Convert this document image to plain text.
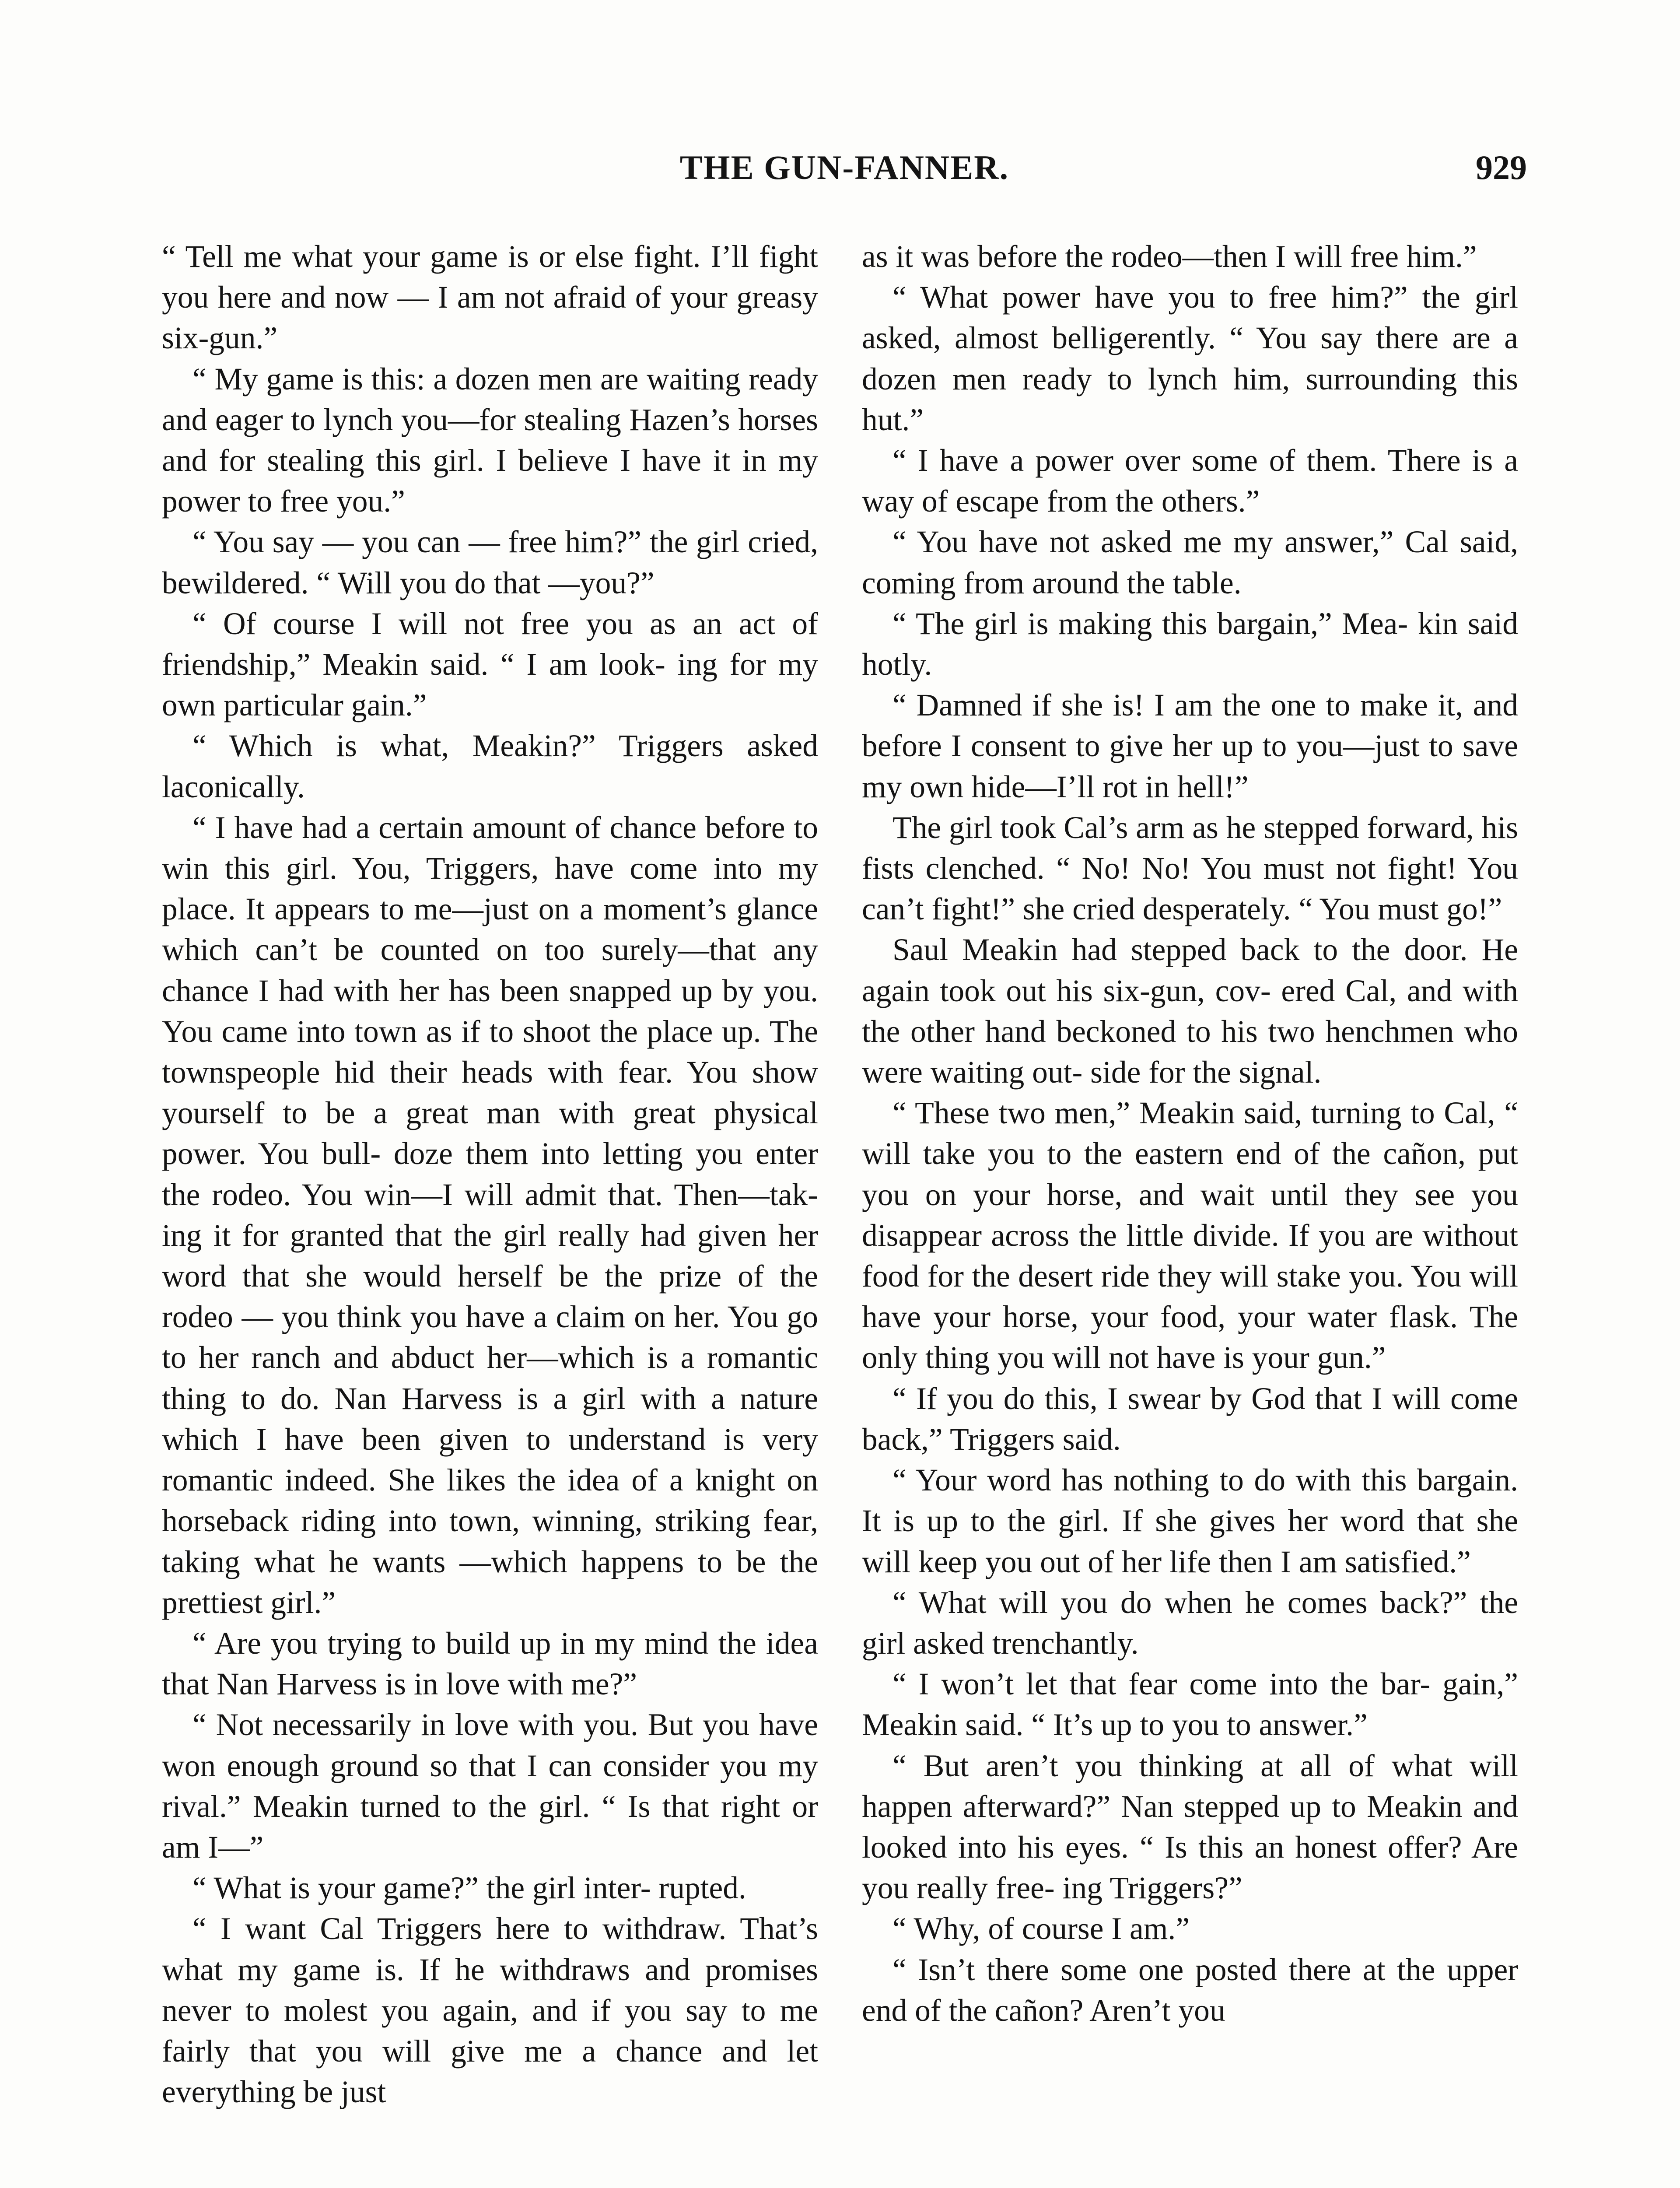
THE GUN-FANNER.	929

“ Tell me what your game is or else fight. I’ll fight you here and now — I am not afraid of your greasy six-gun.”

“ My game is this: a dozen men are waiting ready and eager to lynch you—for stealing Hazen’s horses and for stealing this girl. I believe I have it in my power to free you.”

“ You say — you can — free him?” the girl cried, bewildered. “ Will you do that —you?”

“ Of course I will not free you as an act of friendship,” Meakin said. “ I am look- ing for my own particular gain.”

“ Which is what, Meakin?” Triggers asked laconically.

“ I have had a certain amount of chance before to win this girl. You, Triggers, have come into my place. It appears to me—just on a moment’s glance which can’t be counted on too surely—that any chance I had with her has been snapped up by you. You came into town as if to shoot the place up. The townspeople hid their heads with fear. You show yourself to be a great man with great physical power. You bull- doze them into letting you enter the rodeo. You win—I will admit that. Then—tak- ing it for granted that the girl really had given her word that she would herself be the prize of the rodeo — you think you have a claim on her. You go to her ranch and abduct her—which is a romantic thing to do. Nan Harvess is a girl with a nature which I have been given to understand is very romantic indeed. She likes the idea of a knight on horseback riding into town, winning, striking fear, taking what he wants —which happens to be the prettiest girl.”

“ Are you trying to build up in my mind the idea that Nan Harvess is in love with me?”

“ Not necessarily in love with you. But you have won enough ground so that I can consider you my rival.” Meakin turned to the girl. “ Is that right or am I—”

“ What is your game?” the girl inter- rupted.

“ I want Cal Triggers here to withdraw. That’s what my game is. If he withdraws and promises never to molest you again, and if you say to me fairly that you will give me a chance and let everything be just

as it was before the rodeo—then I will free him.”

“ What power have you to free him?” the girl asked, almost belligerently. “ You say there are a dozen men ready to lynch him, surrounding this hut.”

“ I have a power over some of them. There is a way of escape from the others.”

“ You have not asked me my answer,” Cal said, coming from around the table.

“ The girl is making this bargain,” Mea- kin said hotly.

“ Damned if she is! I am the one to make it, and before I consent to give her up to you—just to save my own hide—I’ll rot in hell!”

The girl took Cal’s arm as he stepped forward, his fists clenched. “ No! No! You must not fight! You can’t fight!” she cried desperately. “ You must go!”

Saul Meakin had stepped back to the door. He again took out his six-gun, cov- ered Cal, and with the other hand beckoned to his two henchmen who were waiting out- side for the signal.

“ These two men,” Meakin said, turning to Cal, “ will take you to the eastern end of the cañon, put you on your horse, and wait until they see you disappear across the little divide. If you are without food for the desert ride they will stake you. You will have your horse, your food, your water flask. The only thing you will not have is your gun.”

“ If you do this, I swear by God that I will come back,” Triggers said.

“ Your word has nothing to do with this bargain. It is up to the girl. If she gives her word that she will keep you out of her life then I am satisfied.”

“ What will you do when he comes back?” the girl asked trenchantly.

“ I won’t let that fear come into the bar- gain,” Meakin said. “ It’s up to you to answer.”

“ But aren’t you thinking at all of what will happen afterward?” Nan stepped up to Meakin and looked into his eyes. “ Is this an honest offer? Are you really free- ing Triggers?”

“ Why, of course I am.”

“ Isn’t there some one posted there at the upper end of the cañon? Aren’t you
